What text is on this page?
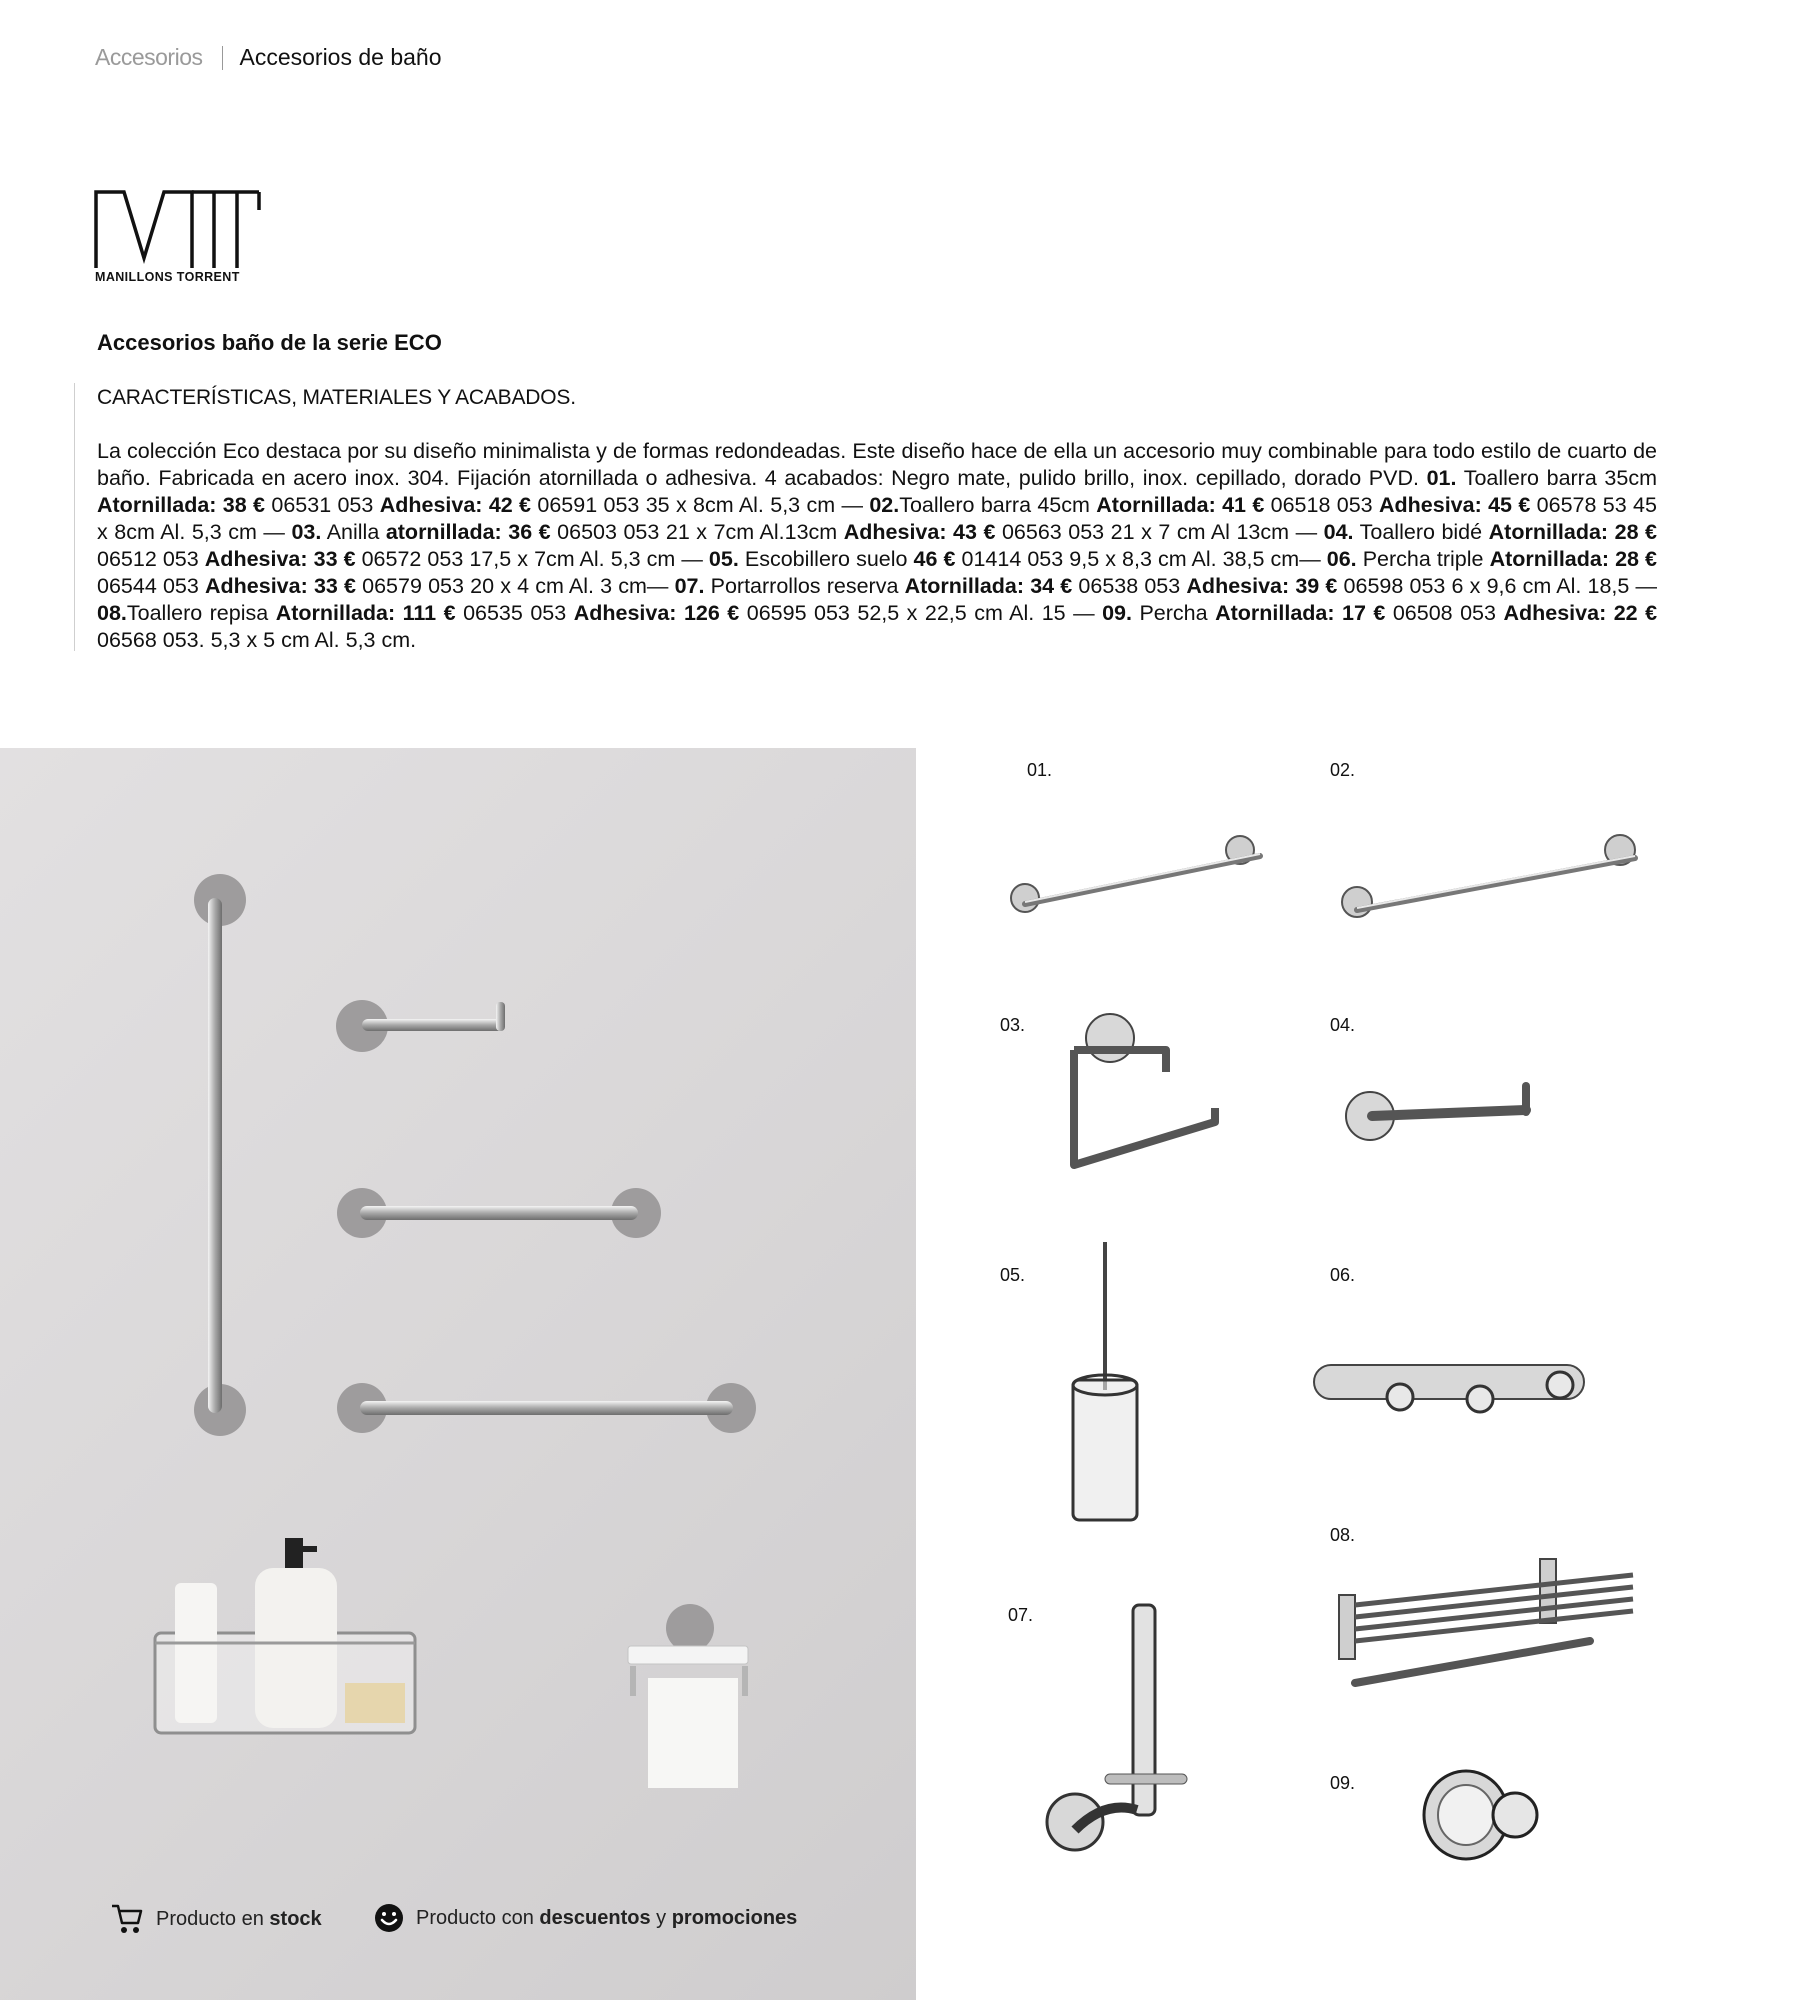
Accesorios Accesorios de baño
MANILLONS TORRENT
Accesorios baño de la serie ECO
CARACTERÍSTICAS, MATERIALES Y ACABADOS.
La colección Eco destaca por su diseño minimalista y de formas redondeadas. Este diseño hace de ella un accesorio muy combinable para todo estilo de cuarto de baño. Fabricada en acero inox. 304. Fijación atornillada o adhesiva. 4 acabados: Negro mate, pulido brillo, inox. cepillado, dorado PVD. 01. Toallero barra 35cm Atornillada: 38 € 06531 053 Adhesiva: 42 € 06591 053 35 x 8cm Al. 5,3 cm — 02.Toallero barra 45cm Atornillada: 41 € 06518 053 Adhesiva: 45 € 06578 53 45 x 8cm Al. 5,3 cm — 03. Anilla atornillada: 36 € 06503 053 21 x 7cm Al.13cm Adhesiva: 43 € 06563 053 21 x 7 cm Al 13cm — 04. Toallero bidé Atornillada: 28 € 06512 053 Adhesiva: 33 € 06572 053 17,5 x 7cm Al. 5,3 cm — 05. Escobillero suelo 46 € 01414 053 9,5 x 8,3 cm Al. 38,5 cm— 06. Percha triple Atornillada: 28 € 06544 053 Adhesiva: 33 € 06579 053 20 x 4 cm Al. 3 cm— 07. Portarrollos reserva Atornillada: 34 € 06538 053 Adhesiva: 39 € 06598 053 6 x 9,6 cm Al. 18,5 — 08.Toallero repisa Atornillada: 111 € 06535 053 Adhesiva: 126 € 06595 053 52,5 x 22,5 cm Al. 15 — 09. Percha Atornillada: 17 € 06508 053 Adhesiva: 22 € 06568 053. 5,3 x 5 cm Al. 5,3 cm.
01.	02.
03.	04.
05.	06.
07.
08.
09.
Producto en
stock	Producto con
descuentos
y
promociones
